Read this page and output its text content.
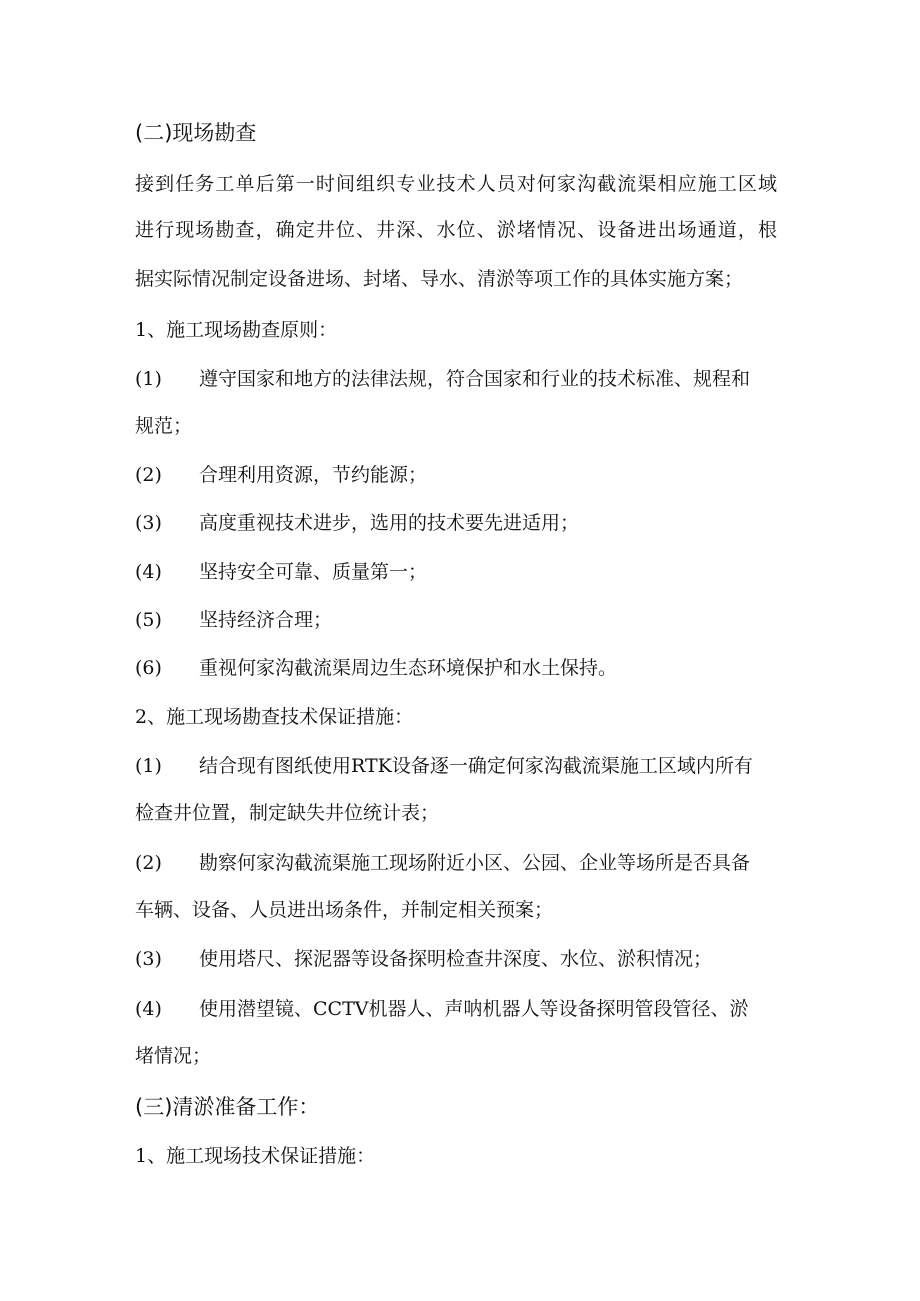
(二)现场勘查
接到任务工单后第一时间组织专业技术人员对何家沟截流渠相应施工区域
进行现场勘查，确定井位、井深、水位、淤堵情况、设备进出场通道，根
据实际情况制定设备进场、封堵、导水、清淤等项工作的具体实施方案；
1、施工现场勘查原则：
(1) 遵守国家和地方的法律法规，符合国家和行业的技术标准、规程和
规范；
(2) 合理利用资源，节约能源；
(3) 高度重视技术进步，选用的技术要先进适用；
(4) 坚持安全可靠、质量第一；
(5) 坚持经济合理；
(6) 重视何家沟截流渠周边生态环境保护和水土保持。
2、施工现场勘查技术保证措施：
(1) 结合现有图纸使用RTK设备逐一确定何家沟截流渠施工区域内所有
检查井位置，制定缺失井位统计表；
(2) 勘察何家沟截流渠施工现场附近小区、公园、企业等场所是否具备
车辆、设备、人员进出场条件，并制定相关预案；
(3) 使用塔尺、探泥器等设备探明检查井深度、水位、淤积情况；
(4) 使用潜望镜、CCTV机器人、声呐机器人等设备探明管段管径、淤
堵情况；
(三)清淤准备工作：
1、施工现场技术保证措施：
